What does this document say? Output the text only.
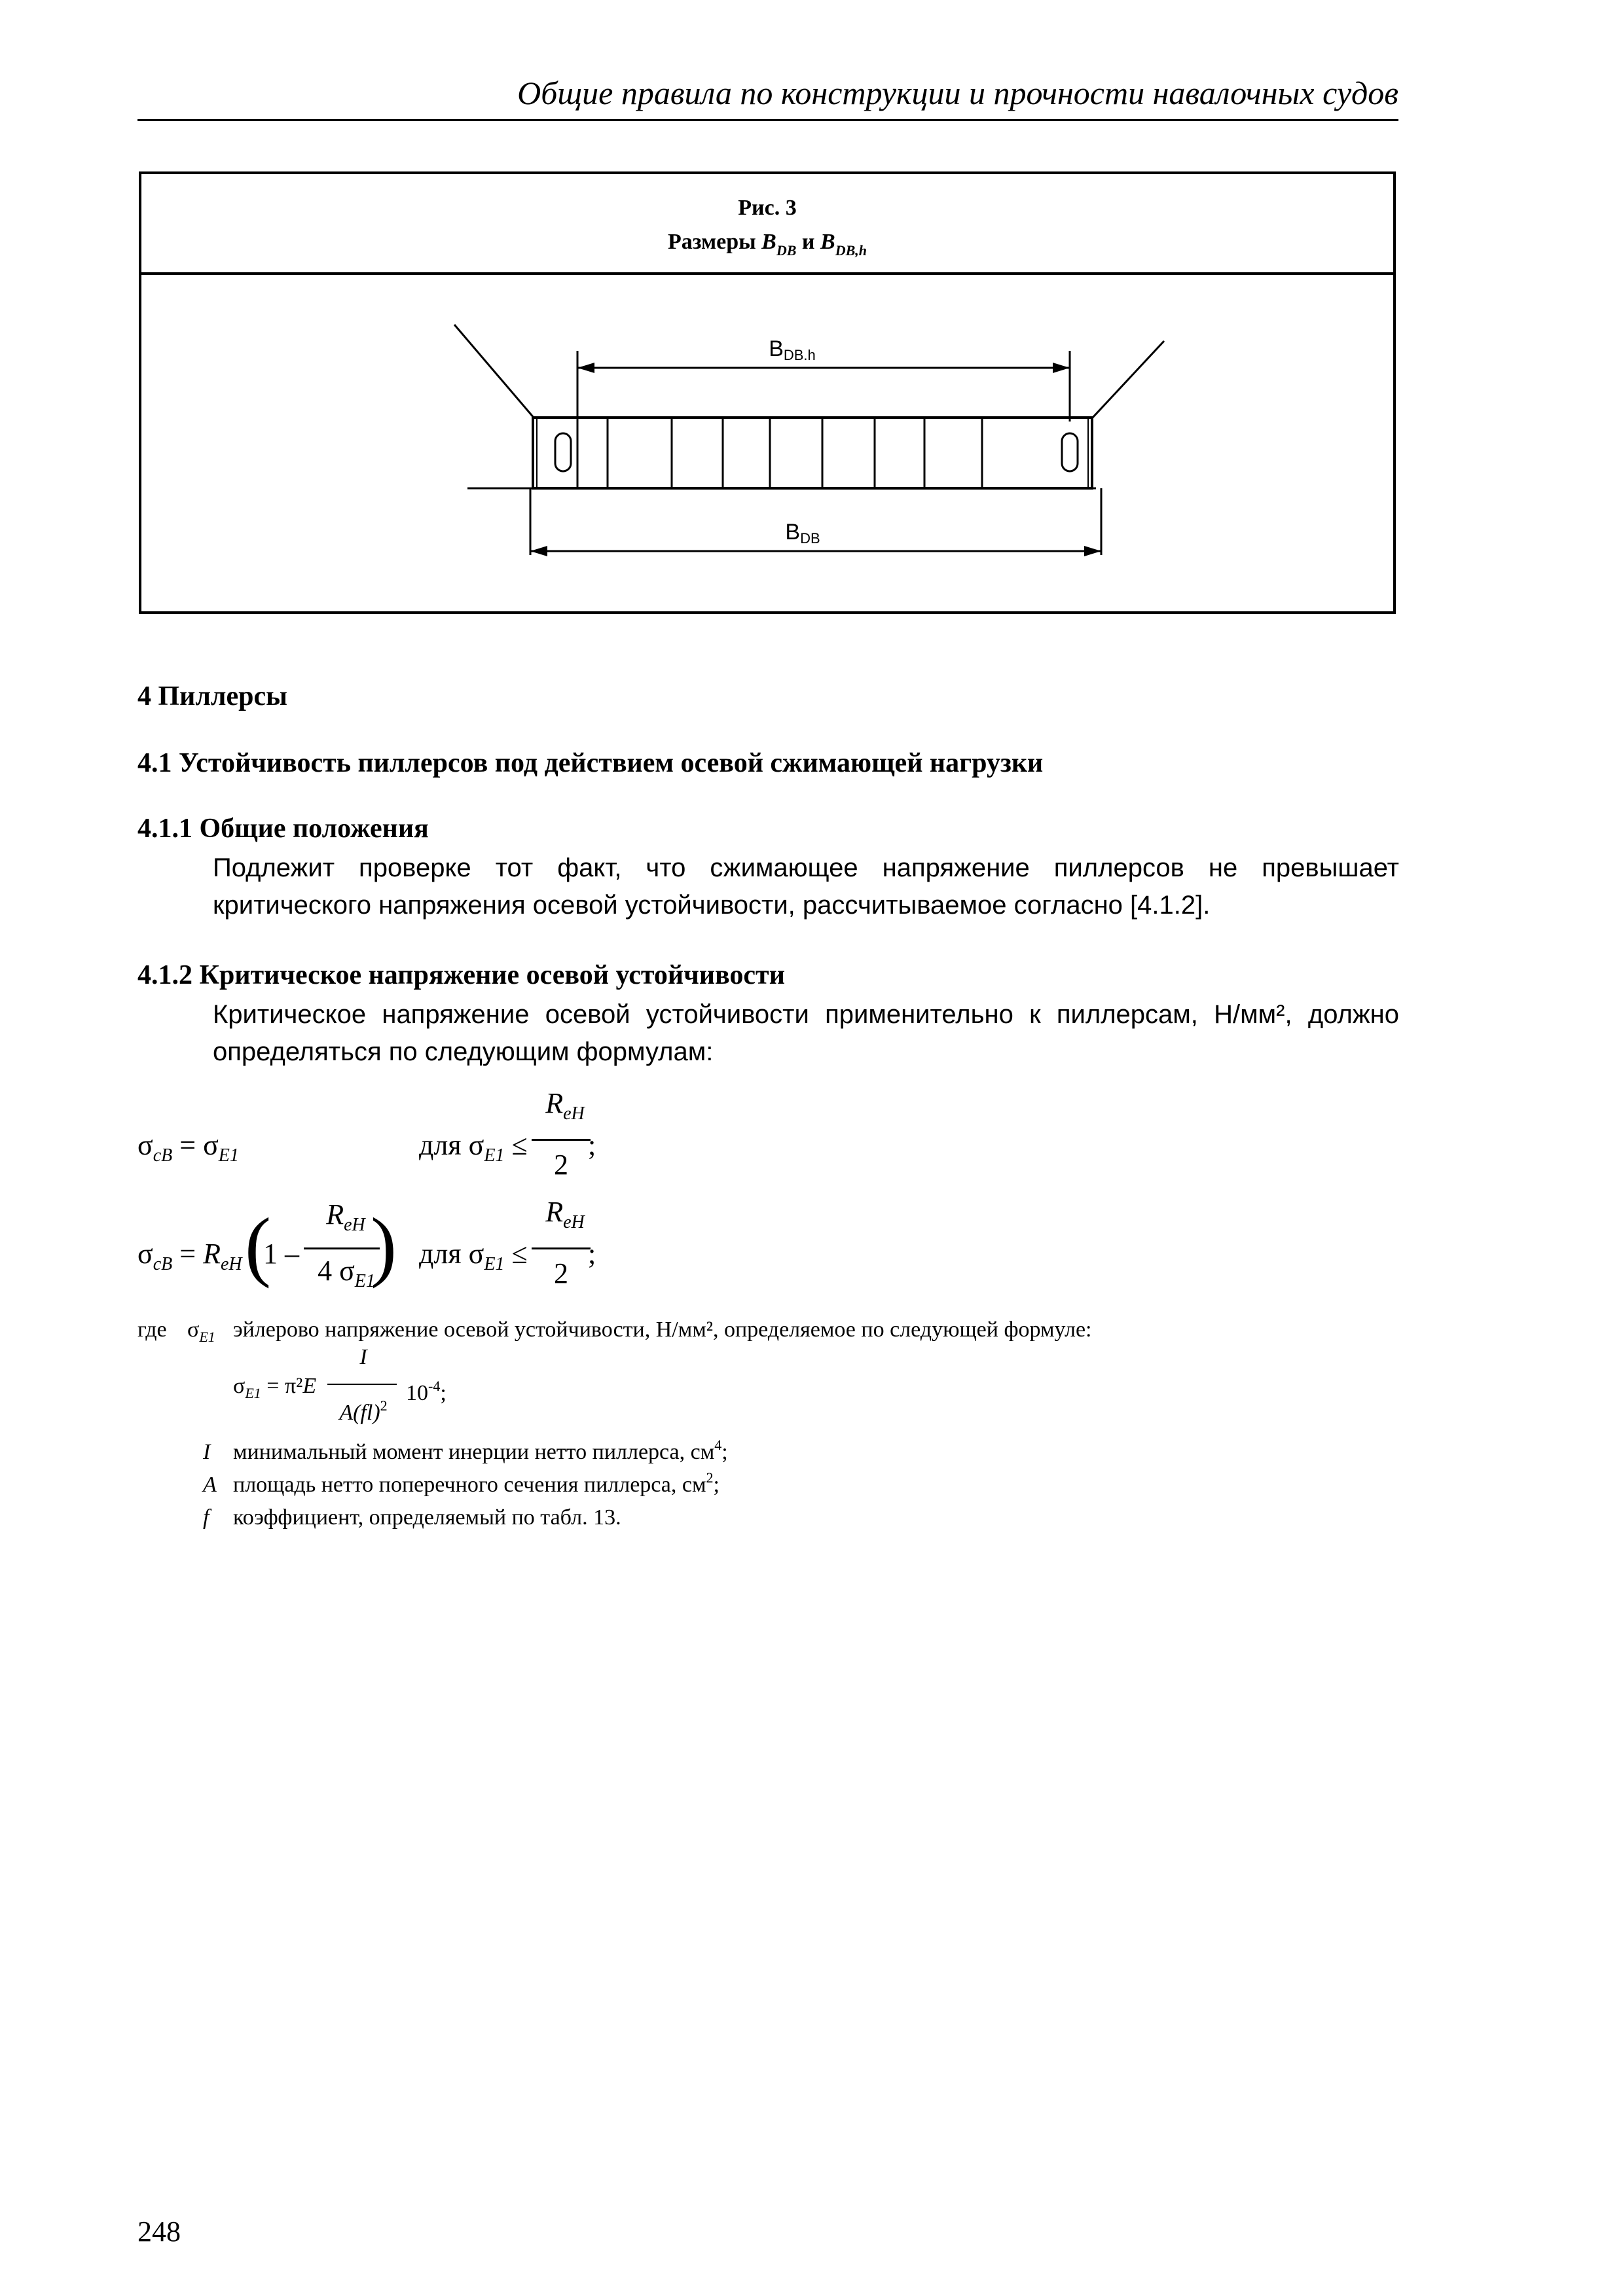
Общие правила по конструкции и прочности навалочных судов
Рис. 3
Размеры $B_{DB}$ и $B_{DB,h}$
BDB.h
BDB
4 Пиллерсы
4.1 Устойчивость пиллерсов под действием осевой сжимающей нагрузки
4.1.1 Общие положения
Подлежит проверке тот факт, что сжимающее напряжение пиллерсов не превышает критического напряжения осевой устойчивости, рассчитываемое согласно [4.1.2].
4.1.2 Критическое напряжение осевой устойчивости
Критическое напряжение осевой устойчивости применительно к пиллерсам, Н/мм², должно определяться по следующим формулам:
$\sigma_{cB} = \sigma_{E1}$	для $\sigma_{E1}$ ≤
$R_{eH}$
2
;
$\sigma_{cB} = R_{eH}$ (
1 –
$R_{eH}$
4 $\sigma_{E1}$
) для $\sigma_{E1}$ ≤
$R_{eH}$
2
;
где $\sigma_{E1}$ эйлерово напряжение осевой устойчивости, Н/мм², определяемое по следующей формуле:
$\sigma_{E1} = \pi^2E$
I
A(fl)$^2$
$10^{-4}$;
I минимальный момент инерции нетто пиллерса, $см^4$;
A площадь нетто поперечного сечения пиллерса, $см^2$;
f коэффициент, определяемый по табл. 13.
248
